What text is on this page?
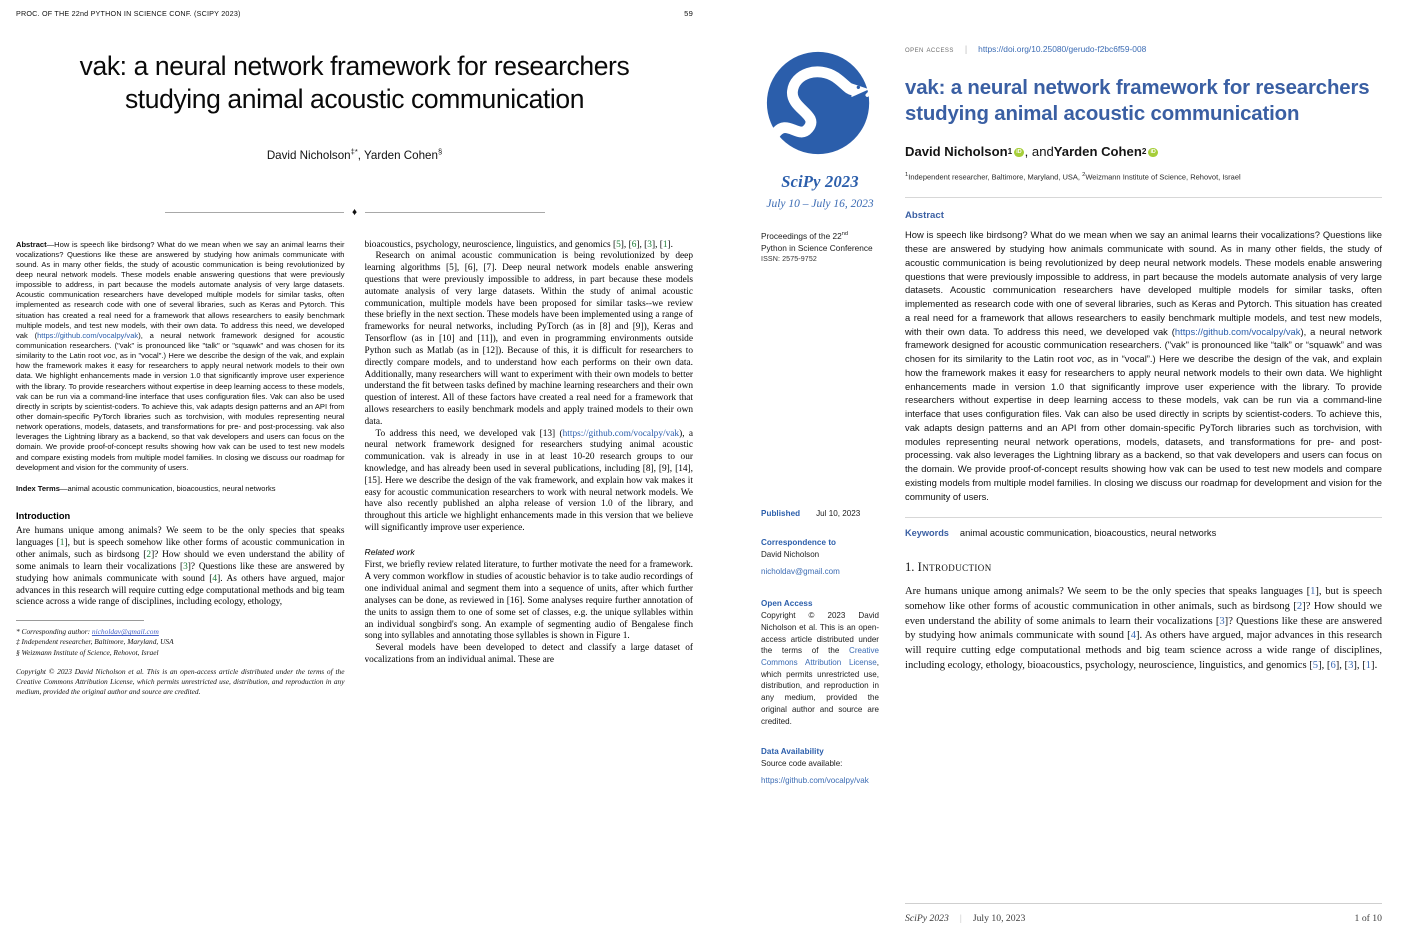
PROC. OF THE 22nd PYTHON IN SCIENCE CONF. (SCIPY 2023)	59
vak: a neural network framework for researchers studying animal acoustic communication
David Nicholson‡*, Yarden Cohen§
♦

Abstract—How is speech like birdsong? What do we mean when we say an animal learns their vocalizations? Questions like these are answered by studying how animals communicate with sound. As in many other fields, the study of acoustic communication is being revolutionized by deep neural network models. These models enable answering questions that were previously impossible to address, in part because the models automate analysis of very large datasets. Acoustic communication researchers have developed multiple models for similar tasks, often implemented as research code with one of several libraries, such as Keras and Pytorch. This situation has created a real need for a framework that allows researchers to easily benchmark multiple models, and test new models, with their own data. To address this need, we developed vak (https://github.com/vocalpy/vak), a neural network framework designed for acoustic communication researchers. ("vak" is pronounced like "talk" or "squawk" and was chosen for its similarity to the Latin root voc, as in "vocal".) Here we describe the design of the vak, and explain how the framework makes it easy for researchers to apply neural network models to their own data. We highlight enhancements made in version 1.0 that significantly improve user experience with the library. To provide researchers without expertise in deep learning access to these models, vak can be run via a command-line interface that uses configuration files. Vak can also be used directly in scripts by scientist-coders. To achieve this, vak adapts design patterns and an API from other domain-specific PyTorch libraries such as torchvision, with modules representing neural network operations, models, datasets, and transformations for pre- and post-processing. vak also leverages the Lightning library as a backend, so that vak developers and users can focus on the domain. We provide proof-of-concept results showing how vak can be used to test new models and compare existing models from multiple model families. In closing we discuss our roadmap for development and vision for the community of users.

Index Terms—animal acoustic communication, bioacoustics, neural networks

Introduction

Are humans unique among animals? We seem to be the only species that speaks languages [1], but is speech somehow like other forms of acoustic communication in other animals, such as birdsong [2]? How should we even understand the ability of some animals to learn their vocalizations [3]? Questions like these are answered by studying how animals communicate with sound [4]. As others have argued, major advances in this research will require cutting edge computational methods and big team science across a wide range of disciplines, including ecology, ethology,

* Corresponding author: nicholdav@gmail.com
‡ Independent researcher, Baltimore, Maryland, USA
§ Weizmann Institute of Science, Rehovot, Israel
Copyright © 2023 David Nicholson et al. This is an open-access article distributed under the terms of the Creative Commons Attribution License, which permits unrestricted use, distribution, and reproduction in any medium, provided the original author and source are credited.

bioacoustics, psychology, neuroscience, linguistics, and genomics [5], [6], [3], [1].

Research on animal acoustic communication is being revolutionized by deep learning algorithms [5], [6], [7]. Deep neural network models enable answering questions that were previously impossible to address, in part because these models automate analysis of very large datasets. Within the study of animal acoustic communication, multiple models have been proposed for similar tasks--we review these briefly in the next section. These models have been implemented using a range of frameworks for neural networks, including PyTorch (as in [8] and [9]), Keras and Tensorflow (as in [10] and [11]), and even in programming environments outside Python such as Matlab (as in [12]). Because of this, it is difficult for researchers to directly compare models, and to understand how each performs on their own data. Additionally, many researchers will want to experiment with their own models to better understand the fit between tasks defined by machine learning researchers and their own question of interest. All of these factors have created a real need for a framework that allows researchers to easily benchmark models and apply trained models to their own data.

To address this need, we developed vak [13] (https://github.com/vocalpy/vak), a neural network framework designed for researchers studying animal acoustic communication. vak is already in use in at least 10-20 research groups to our knowledge, and has already been used in several publications, including [8], [9], [14], [15]. Here we describe the design of the vak framework, and explain how vak makes it easy for acoustic communication researchers to work with neural network models. We have also recently published an alpha release of version 1.0 of the library, and throughout this article we highlight enhancements made in this version that we believe will significantly improve user experience.

Related work

First, we briefly review related literature, to further motivate the need for a framework. A very common workflow in studies of acoustic behavior is to take audio recordings of one individual animal and segment them into a sequence of units, after which further analyses can be done, as reviewed in [16]. Some analyses require further annotation of the units to assign them to one of some set of classes, e.g. the unique syllables within an individual songbird's song. An example of segmenting audio of Bengalese finch song into syllables and annotating those syllables is shown in Figure 1.

Several models have been developed to detect and classify a large dataset of vocalizations from an individual animal. These are

SciPy 2023
July 10 – July 16, 2023
Proceedings of the 22nd
Python in Science Conference
ISSN: 2575-9752
Published Jul 10, 2023
Correspondence to
David Nicholson
nicholdav@gmail.com
Open Access
Copyright © 2023 David Nicholson et al. This is an open-access article distributed under the terms of the Creative Commons Attribution License, which permits unrestricted use, distribution, and reproduction in any medium, provided the original author and source are credited.
Data Availability
Source code available:
https://github.com/vocalpy/vak
open access | https://doi.org/10.25080/gerudo-f2bc6f59-008
vak: a neural network framework for researchers studying animal acoustic communication
David Nicholson 1 iD , and Yarden Cohen 2
iD
$^1$Independent researcher, Baltimore, Maryland, USA, $^2$Weizmann Institute of Science, Rehovot, Israel
Abstract
How is speech like birdsong? What do we mean when we say an animal learns their vocalizations? Questions like these are answered by studying how animals communicate with sound. As in many other fields, the study of acoustic communication is being revolutionized by deep neural network models. These models enable answering questions that were previously impossible to address, in part because the models automate analysis of very large datasets. Acoustic communication researchers have developed multiple models for similar tasks, often implemented as research code with one of several libraries, such as Keras and Pytorch. This situation has created a real need for a framework that allows researchers to easily benchmark multiple models, and test new models, with their own data. To address this need, we developed vak (https://github.com/vocalpy/vak), a neural network framework designed for acoustic communication researchers. ("vak" is pronounced like “talk” or “squawk” and was chosen for its similarity to the Latin root voc, as in “vocal”.) Here we describe the design of the vak, and explain how the framework makes it easy for researchers to apply neural network models to their own data. We highlight enhancements made in version 1.0 that significantly improve user experience with the library. To provide researchers without expertise in deep learning access to these models, vak can be run via a command-line interface that uses configuration files. Vak can also be used directly in scripts by scientist-coders. To achieve this, vak adapts design patterns and an API from other domain-specific PyTorch libraries such as torchvision, with modules representing neural network operations, models, datasets, and transformations for pre- and post-processing. vak also leverages the Lightning library as a backend, so that vak developers and users can focus on the domain. We provide proof-of-concept results showing how vak can be used to test new models and compare existing models from multiple model families. In closing we discuss our roadmap for development and vision for the community of users.
Keywords animal acoustic communication, bioacoustics, neural networks
1. Introduction

Are humans unique among animals? We seem to be the only species that speaks languages [1], but is speech somehow like other forms of acoustic communication in other animals, such as birdsong [2]? How should we even understand the ability of some animals to learn their vocalizations [3]? Questions like these are answered by studying how animals communicate with sound [4]. As others have argued, major advances in this research will require cutting edge computational methods and big team science across a wide range of disciplines, including ecology, ethology, bioacoustics, psychology, neuroscience, linguistics, and genomics [5], [6], [3], [1].

SciPy 2023 | July 10, 2023	1 of 10
